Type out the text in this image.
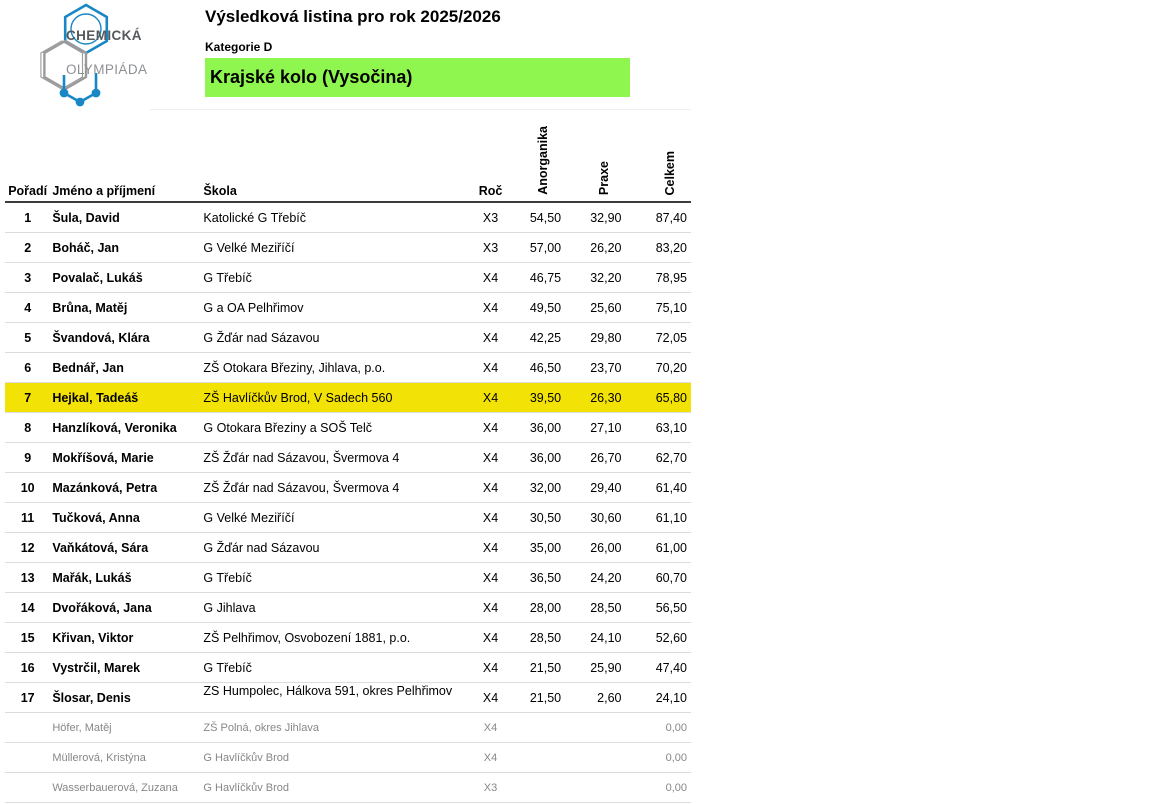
CHEMICKÁ
OLYMPIÁDA
Výsledková listina pro rok 2025/2026
Kategorie D
Krajské kolo (Vysočina)
Pořadí	Jméno a příjmení	Škola	Roč	Anorganika	Praxe	Celkem
1	Šula, David	Katolické G Třebíč	X3	54,50	32,90	87,40
2	Boháč, Jan	G Velké Meziříčí	X3	57,00	26,20	83,20
3	Povalač, Lukáš	G Třebíč	X4	46,75	32,20	78,95
4	Brůna, Matěj	G a OA Pelhřimov	X4	49,50	25,60	75,10
5	Švandová, Klára	G Žďár nad Sázavou	X4	42,25	29,80	72,05
6	Bednář, Jan	ZŠ Otokara Březiny, Jihlava, p.o.	X4	46,50	23,70	70,20
7	Hejkal, Tadeáš	ZŠ Havlíčkův Brod, V Sadech 560	X4	39,50	26,30	65,80
8	Hanzlíková, Veronika	G Otokara Březiny a SOŠ Telč	X4	36,00	27,10	63,10
9	Mokříšová, Marie	ZŠ Žďár nad Sázavou, Švermova 4	X4	36,00	26,70	62,70
10	Mazánková, Petra	ZŠ Žďár nad Sázavou, Švermova 4	X4	32,00	29,40	61,40
11	Tučková, Anna	G Velké Meziříčí	X4	30,50	30,60	61,10
12	Vaňkátová, Sára	G Žďár nad Sázavou	X4	35,00	26,00	61,00
13	Mařák, Lukáš	G Třebíč	X4	36,50	24,20	60,70
14	Dvořáková, Jana	G Jihlava	X4	28,00	28,50	56,50
15	Křivan, Viktor	ZŠ Pelhřimov, Osvobození 1881, p.o.	X4	28,50	24,10	52,60
16	Vystrčil, Marek	G Třebíč	X4	21,50	25,90	47,40
17	Šlosar, Denis	ZS Humpolec, Hálkova 591, okres Pelhřimov	X4	21,50	2,60	24,10
	Höfer, Matěj	ZŠ Polná, okres Jihlava	X4			0,00
	Müllerová, Kristýna	G Havlíčkův Brod	X4			0,00
	Wasserbauerová, Zuzana	G Havlíčkův Brod	X3			0,00
